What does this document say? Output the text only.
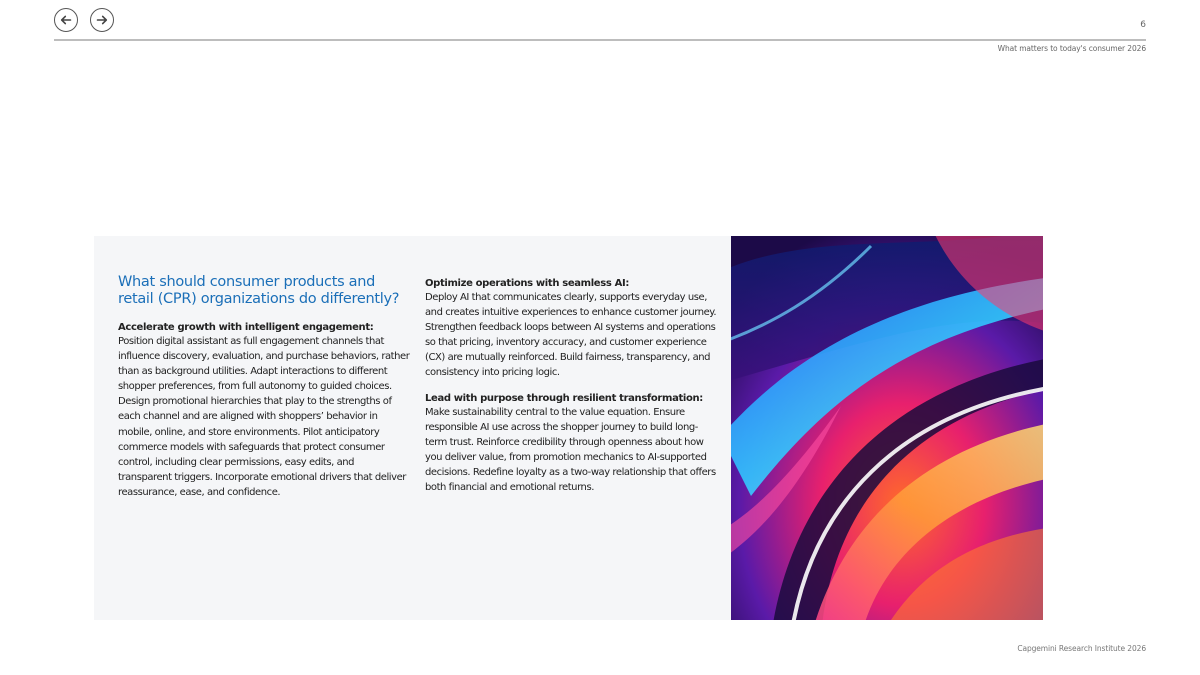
6
What matters to today's consumer 2026
What should consumer products and retail (CPR) organizations do differently?

Accelerate growth with intelligent engagement:

Position digital assistant as full engagement channels that influence discovery, evaluation, and purchase behaviors, rather than as background utilities. Adapt interactions to different shopper preferences, from full autonomy to guided choices. Design promotional hierarchies that play to the strengths of each channel and are aligned with shoppers’ behavior in mobile, online, and store environments. Pilot anticipatory commerce models with safeguards that protect consumer control, including clear permissions, easy edits, and transparent triggers. Incorporate emotional drivers that deliver reassurance, ease, and confidence.

Optimize operations with seamless AI:

Deploy AI that communicates clearly, supports everyday use, and creates intuitive experiences to enhance customer journey. Strengthen feedback loops between AI systems and operations so that pricing, inventory accuracy, and customer experience (CX) are mutually reinforced. Build fairness, transparency, and consistency into pricing logic.

Lead with purpose through resilient transformation:

Make sustainability central to the value equation. Ensure responsible AI use across the shopper journey to build long-term trust. Reinforce credibility through openness about how you deliver value, from promotion mechanics to AI-supported decisions. Redefine loyalty as a two-way relationship that offers both financial and emotional returns.

Capgemini Research Institute 2026
